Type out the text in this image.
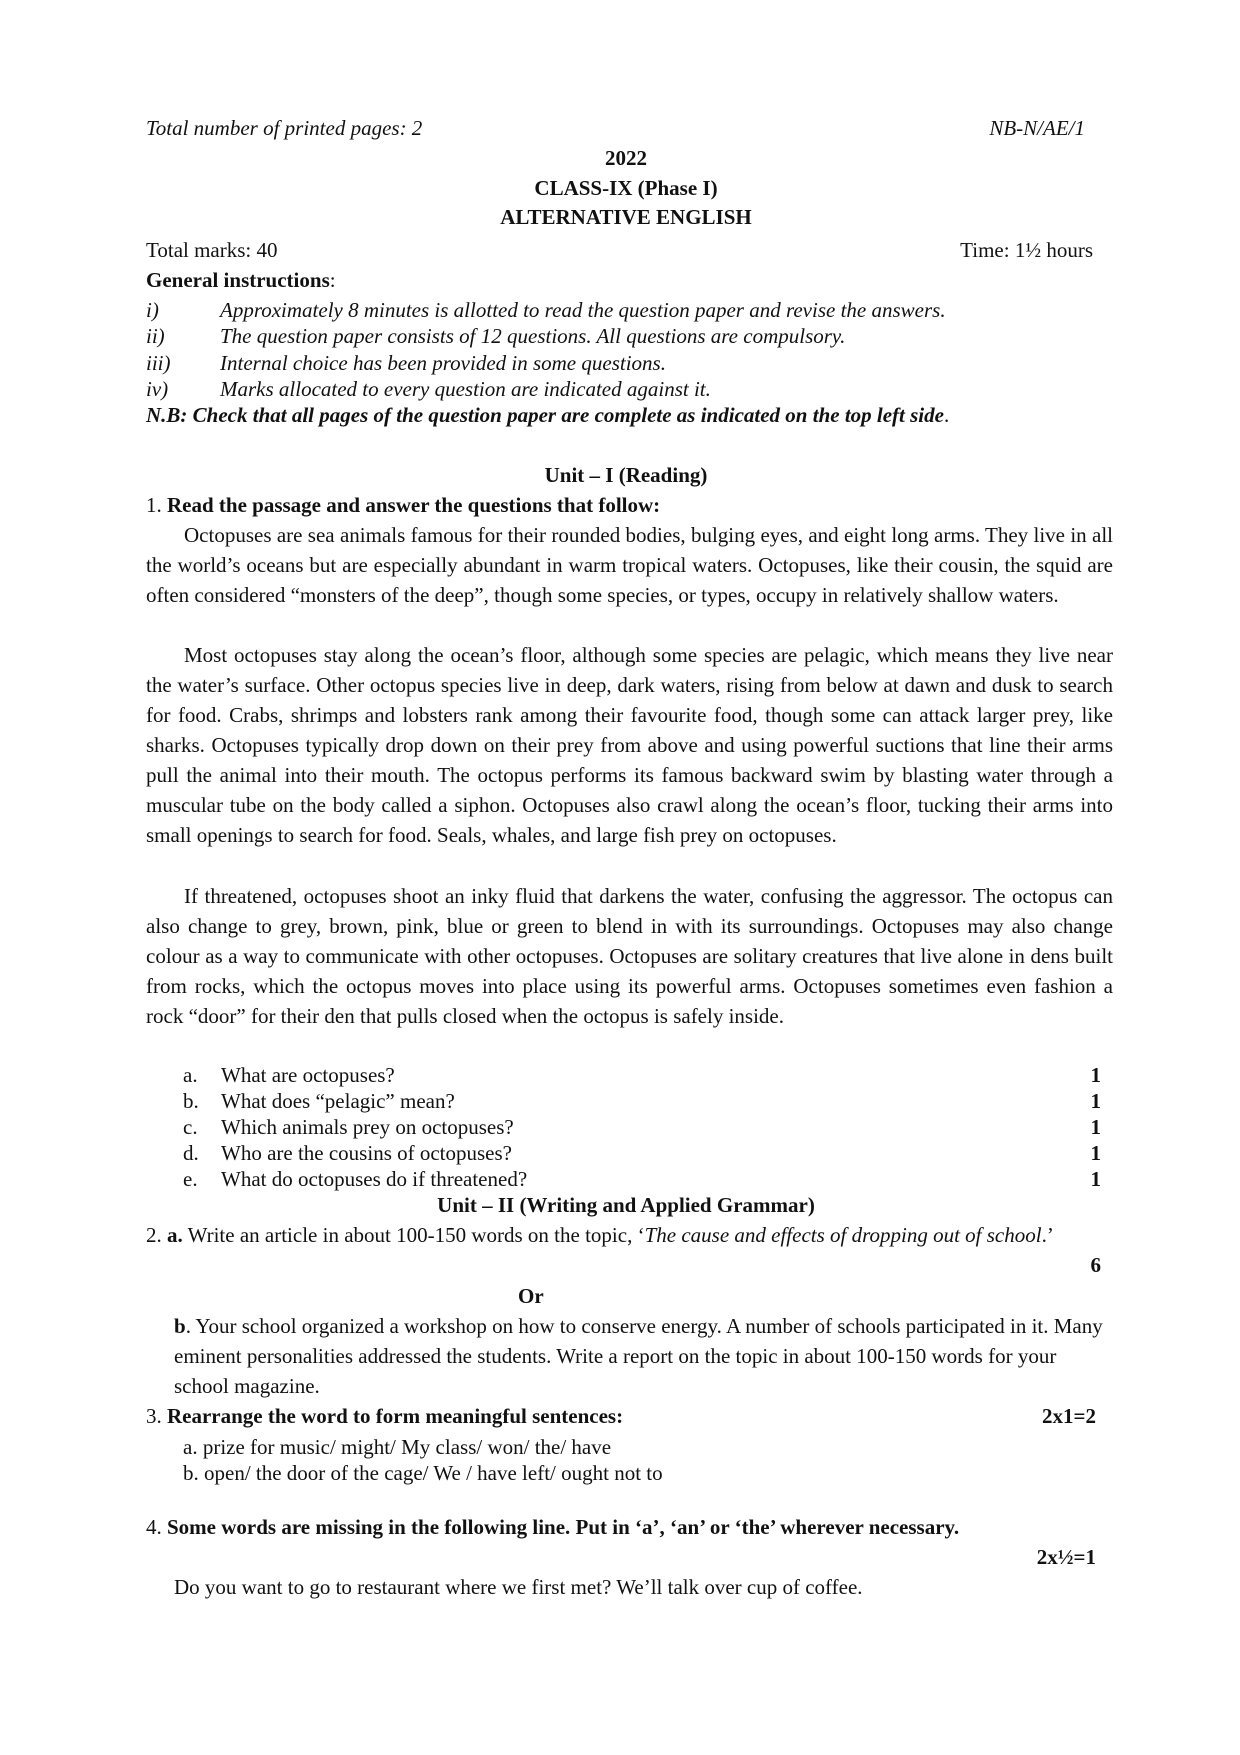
Total number of printed pages: 2	NB-N/AE/1
2022
CLASS-IX (Phase I)
ALTERNATIVE ENGLISH
Total marks: 40	Time: 1½ hours
General instructions:
i)	Approximately 8 minutes is allotted to read the question paper and revise the answers.
ii)	The question paper consists of 12 questions. All questions are compulsory.
iii) Internal choice has been provided in some questions.
iv) Marks allocated to every question are indicated against it.
N.B: Check that all pages of the question paper are complete as indicated on the top left side.
Unit – I (Reading)
1. Read the passage and answer the questions that follow:

Octopuses are sea animals famous for their rounded bodies, bulging eyes, and eight long arms. They live in all the world’s oceans but are especially abundant in warm tropical waters. Octopuses, like their cousin, the squid are often considered “monsters of the deep”, though some species, or types, occupy in relatively shallow waters.

Most octopuses stay along the ocean’s floor, although some species are pelagic, which means they live near the water’s surface. Other octopus species live in deep, dark waters, rising from below at dawn and dusk to search for food. Crabs, shrimps and lobsters rank among their favourite food, though some can attack larger prey, like sharks. Octopuses typically drop down on their prey from above and using powerful suctions that line their arms pull the animal into their mouth. The octopus performs its famous backward swim by blasting water through a muscular tube on the body called a siphon. Octopuses also crawl along the ocean’s floor, tucking their arms into small openings to search for food. Seals, whales, and large fish prey on octopuses.

If threatened, octopuses shoot an inky fluid that darkens the water, confusing the aggressor. The octopus can also change to grey, brown, pink, blue or green to blend in with its surroundings. Octopuses may also change colour as a way to communicate with other octopuses. Octopuses are solitary creatures that live alone in dens built from rocks, which the octopus moves into place using its powerful arms. Octopuses sometimes even fashion a rock “door” for their den that pulls closed when the octopus is safely inside.

a. What are octopuses?	1
b. What does “pelagic” mean?	1
c. Which animals prey on octopuses?	1
d. Who are the cousins of octopuses?	1
e. What do octopuses do if threatened?	1
Unit – II (Writing and Applied Grammar)
2. a. Write an article in about 100-150 words on the topic, ‘The cause and effects of dropping out of school.’
6
Or
b. Your school organized a workshop on how to conserve energy. A number of schools participated in it. Many eminent personalities addressed the students. Write a report on the topic in about 100-150 words for your school magazine.
3. Rearrange the word to form meaningful sentences:	2x1=2
a. prize for music/ might/ My class/ won/ the/ have
b. open/ the door of the cage/ We / have left/ ought not to
4. Some words are missing in the following line. Put in ‘a’, ‘an’ or ‘the’ wherever necessary.
2x½=1
Do you want to go to restaurant where we first met? We’ll talk over cup of coffee.
